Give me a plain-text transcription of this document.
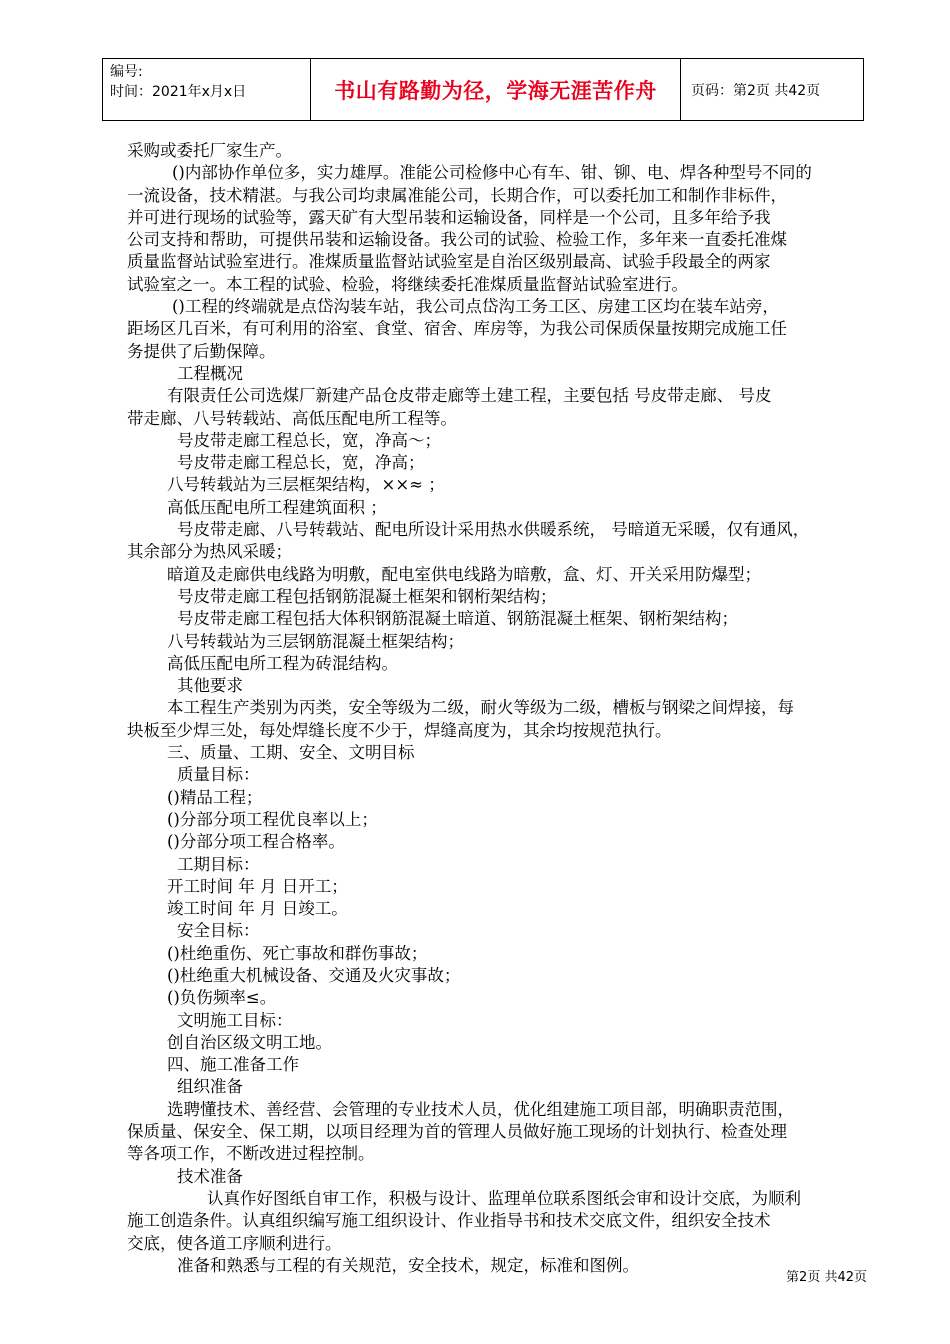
编号:
时间：2021年x月x日	书山有路勤为径，学海无涯苦作舟	页码：第2页 共42页
采购或委托厂家生产。
()内部协作单位多，实力雄厚。准能公司检修中心有车、钳、铆、电、焊各种型号不同的
一流设备，技术精湛。与我公司均隶属准能公司，长期合作，可以委托加工和制作非标件，
并可进行现场的试验等，露天矿有大型吊装和运输设备，同样是一个公司，且多年给予我
公司支持和帮助，可提供吊装和运输设备。我公司的试验、检验工作，多年来一直委托准煤
质量监督站试验室进行。准煤质量监督站试验室是自治区级别最高、试验手段最全的两家
试验室之一。本工程的试验、检验，将继续委托准煤质量监督站试验室进行。
()工程的终端就是点岱沟装车站，我公司点岱沟工务工区、房建工区均在装车站旁，
距场区几百米，有可利用的浴室、食堂、宿舍、库房等，为我公司保质保量按期完成施工任
务提供了后勤保障。
工程概况
有限责任公司选煤厂新建产品仓皮带走廊等土建工程，主要包括 号皮带走廊、 号皮
带走廊、八号转载站、高低压配电所工程等。
号皮带走廊工程总长，宽，净高～；
号皮带走廊工程总长，宽，净高；
八号转载站为三层框架结构，××≈ ；
高低压配电所工程建筑面积 ；
号皮带走廊、八号转载站、配电所设计采用热水供暖系统， 号暗道无采暖，仅有通风，
其余部分为热风采暖；
暗道及走廊供电线路为明敷，配电室供电线路为暗敷，盒、灯、开关采用防爆型；
号皮带走廊工程包括钢筋混凝土框架和钢桁架结构；
号皮带走廊工程包括大体积钢筋混凝土暗道、钢筋混凝土框架、钢桁架结构；
八号转载站为三层钢筋混凝土框架结构；
高低压配电所工程为砖混结构。
其他要求
本工程生产类别为丙类，安全等级为二级，耐火等级为二级，槽板与钢梁之间焊接，每
块板至少焊三处，每处焊缝长度不少于，焊缝高度为，其余均按规范执行。
三、质量、工期、安全、文明目标
质量目标：
()精品工程；
()分部分项工程优良率以上；
()分部分项工程合格率。
工期目标：
开工时间 年 月 日开工；
竣工时间 年 月 日竣工。
安全目标：
()杜绝重伤、死亡事故和群伤事故；
()杜绝重大机械设备、交通及火灾事故；
()负伤频率≤。
文明施工目标：
创自治区级文明工地。
四、施工准备工作
组织准备
选聘懂技术、善经营、会管理的专业技术人员，优化组建施工项目部，明确职责范围，
保质量、保安全、保工期，以项目经理为首的管理人员做好施工现场的计划执行、检查处理
等各项工作，不断改进过程控制。
技术准备
认真作好图纸自审工作，积极与设计、监理单位联系图纸会审和设计交底，为顺利
施工创造条件。认真组织编写施工组织设计、作业指导书和技术交底文件，组织安全技术
交底，使各道工序顺利进行。
准备和熟悉与工程的有关规范，安全技术，规定，标准和图例。
第2页 共42页
